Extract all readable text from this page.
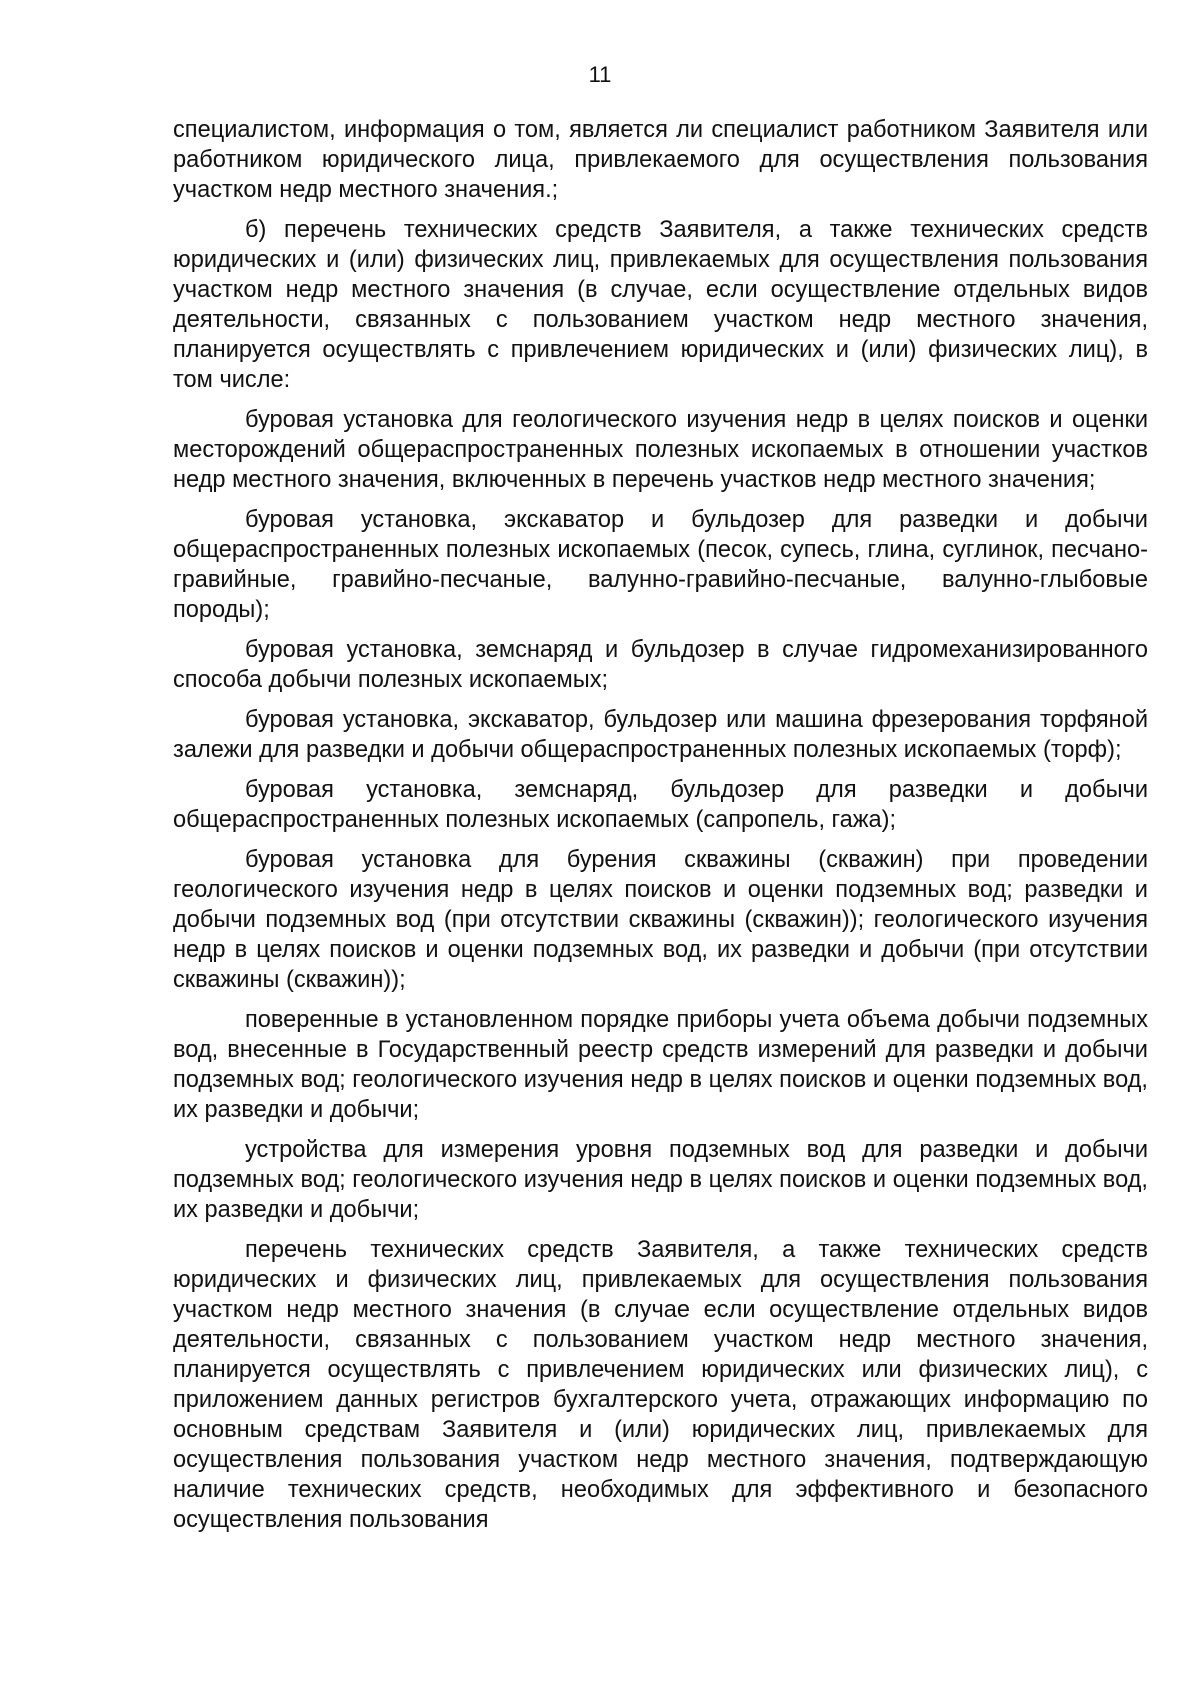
11

специалистом, информация о том, является ли специалист работником Заявителя или работником юридического лица, привлекаемого для осуществления пользования участком недр местного значения.;

б) перечень технических средств Заявителя, а также технических средств юридических и (или) физических лиц, привлекаемых для осуществления пользования участком недр местного значения (в случае, если осуществление отдельных видов деятельности, связанных с пользованием участком недр местного значения, планируется осуществлять с привлечением юридических и (или) физических лиц), в том числе:

буровая установка для геологического изучения недр в целях поисков и оценки месторождений общераспространенных полезных ископаемых в отношении участков недр местного значения, включенных в перечень участков недр местного значения;

буровая установка, экскаватор и бульдозер для разведки и добычи общераспространенных полезных ископаемых (песок, супесь, глина, суглинок, песчано-гравийные, гравийно-песчаные, валунно-гравийно-песчаные, валунно-глыбовые породы);

буровая установка, земснаряд и бульдозер в случае гидромеханизированного способа добычи полезных ископаемых;

буровая установка, экскаватор, бульдозер или машина фрезерования торфяной залежи для разведки и добычи общераспространенных полезных ископаемых (торф);

буровая установка, земснаряд, бульдозер для разведки и добычи общераспространенных полезных ископаемых (сапропель, гажа);

буровая установка для бурения скважины (скважин) при проведении геологического изучения недр в целях поисков и оценки подземных вод; разведки и добычи подземных вод (при отсутствии скважины (скважин)); геологического изучения недр в целях поисков и оценки подземных вод, их разведки и добычи (при отсутствии скважины (скважин));

поверенные в установленном порядке приборы учета объема добычи подземных вод, внесенные в Государственный реестр средств измерений для разведки и добычи подземных вод; геологического изучения недр в целях поисков и оценки подземных вод, их разведки и добычи;

устройства для измерения уровня подземных вод для разведки и добычи подземных вод; геологического изучения недр в целях поисков и оценки подземных вод, их разведки и добычи;

перечень технических средств Заявителя, а также технических средств юридических и физических лиц, привлекаемых для осуществления пользования участком недр местного значения (в случае если осуществление отдельных видов деятельности, связанных с пользованием участком недр местного значения, планируется осуществлять с привлечением юридических или физических лиц), с приложением данных регистров бухгалтерского учета, отражающих информацию по основным средствам Заявителя и (или) юридических лиц, привлекаемых для осуществления пользования участком недр местного значения, подтверждающую наличие технических средств, необходимых для эффективного и безопасного осуществления пользования
